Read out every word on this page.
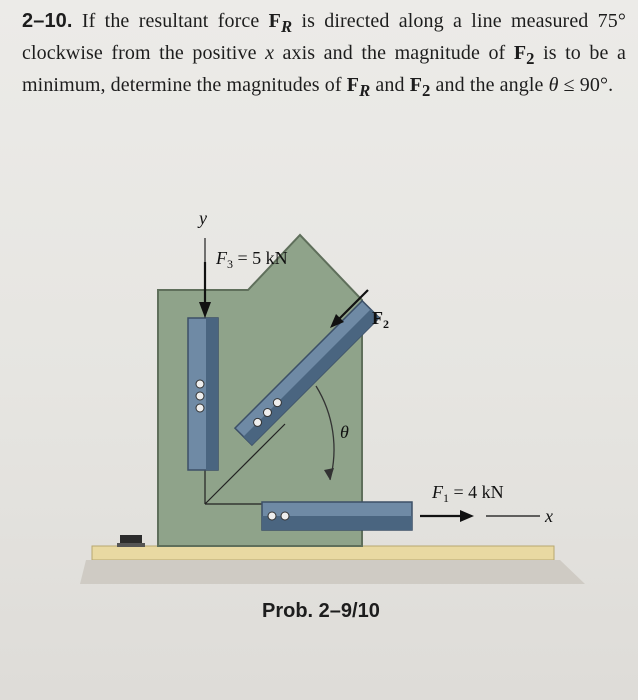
2–10. If the resultant force $F_R$ is directed along a line measured 75° clockwise from the positive x axis and the magnitude of $F_2$ is to be a minimum, determine the magnitudes of $F_R$ and $F_2$ and the angle θ ≤ 90°.
y
x
θ
$F_3 = 5$ kN
$F_2$
$F_1 = 4$ kN
Prob. 2–9/10
